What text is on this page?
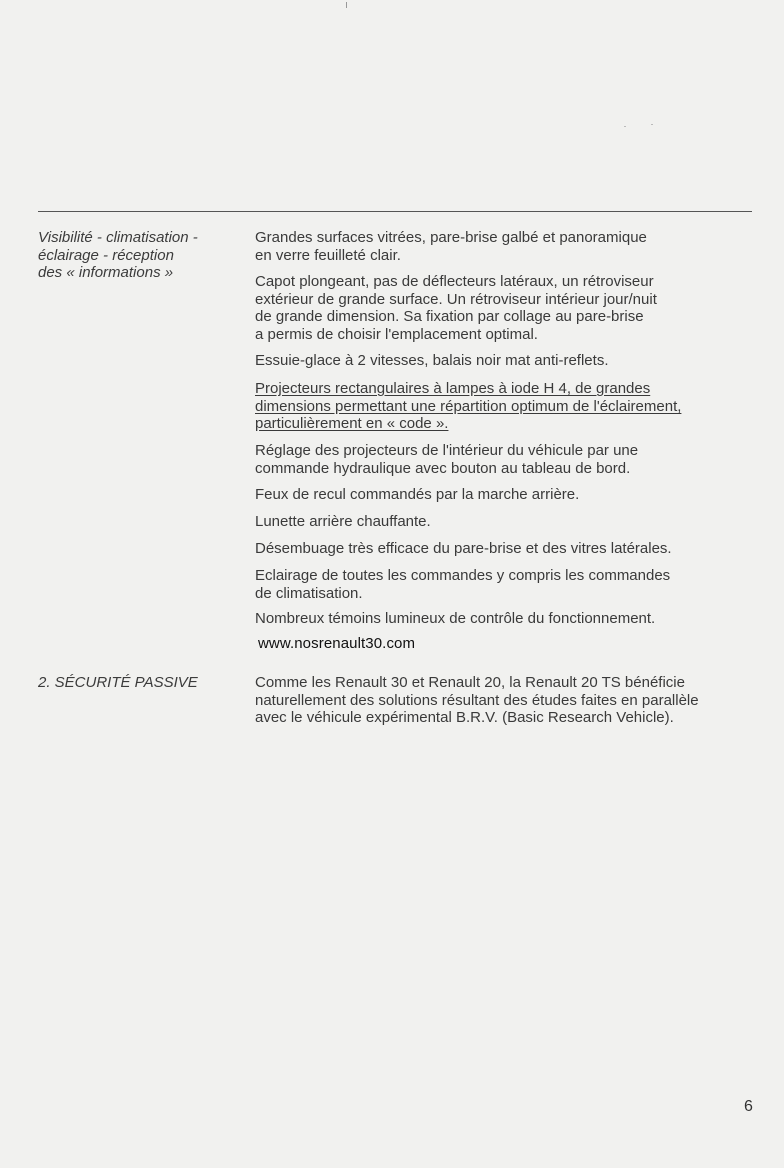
Visibilité - climatisation -
éclairage - réception
des « informations »
Grandes surfaces vitrées, pare-brise galbé et panoramique
en verre feuilleté clair.
Capot plongeant, pas de déflecteurs latéraux, un rétroviseur
extérieur de grande surface. Un rétroviseur intérieur jour/nuit
de grande dimension. Sa fixation par collage au pare-brise
a permis de choisir l'emplacement optimal.
Essuie-glace à 2 vitesses, balais noir mat anti-reflets.
Projecteurs rectangulaires à lampes à iode H 4, de grandes
dimensions permettant une répartition optimum de l'éclairement,
particulièrement en « code ».
Réglage des projecteurs de l'intérieur du véhicule par une
commande hydraulique avec bouton au tableau de bord.
Feux de recul commandés par la marche arrière.
Lunette arrière chauffante.
Désembuage très efficace du pare-brise et des vitres latérales.
Eclairage de toutes les commandes y compris les commandes
de climatisation.
Nombreux témoins lumineux de contrôle du fonctionnement.
www.nosrenault30.com
2. SÉCURITÉ PASSIVE	Comme les Renault 30 et Renault 20, la Renault 20 TS bénéficie
naturellement des solutions résultant des études faites en parallèle
avec le véhicule expérimental B.R.V. (Basic Research Vehicle).
6
